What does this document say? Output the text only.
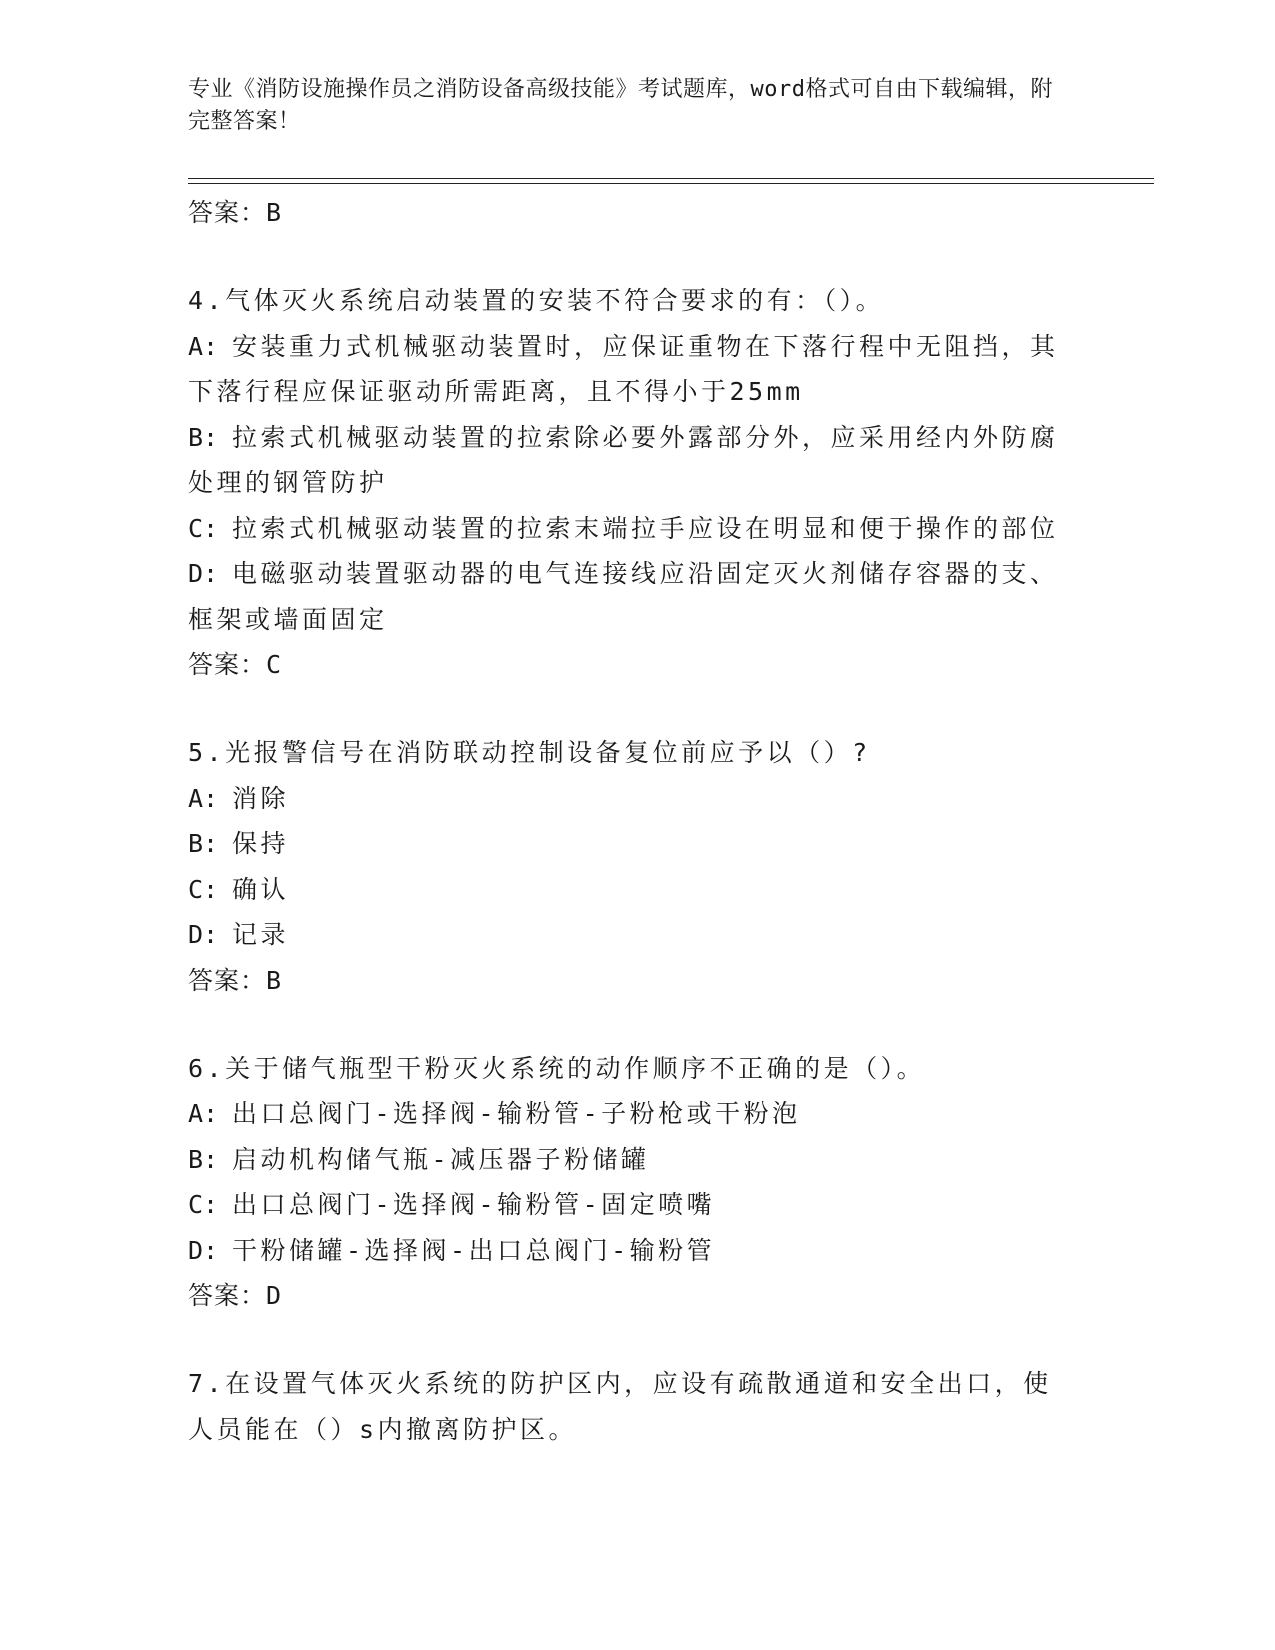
专业《消防设施操作员之消防设备高级技能》考试题库，word格式可自由下载编辑，附完整答案！
答案：B
4.气体灭火系统启动装置的安装不符合要求的有：（）。
A: 安装重力式机械驱动装置时，应保证重物在下落行程中无阻挡，其下落行程应保证驱动所需距离，且不得小于25mm
B: 拉索式机械驱动装置的拉索除必要外露部分外，应采用经内外防腐处理的钢管防护
C: 拉索式机械驱动装置的拉索末端拉手应设在明显和便于操作的部位
D: 电磁驱动装置驱动器的电气连接线应沿固定灭火剂储存容器的支、框架或墙面固定
答案：C
5.光报警信号在消防联动控制设备复位前应予以（）?
A: 消除
B: 保持
C: 确认
D: 记录
答案：B
6.关于储气瓶型干粉灭火系统的动作顺序不正确的是（）。
A: 出口总阀门-选择阀-输粉管-子粉枪或干粉泡
B: 启动机构储气瓶-减压器子粉储罐
C: 出口总阀门-选择阀-输粉管-固定喷嘴
D: 干粉储罐-选择阀-出口总阀门-输粉管
答案：D
7.在设置气体灭火系统的防护区内，应设有疏散通道和安全出口，使人员能在（）s内撤离防护区。
